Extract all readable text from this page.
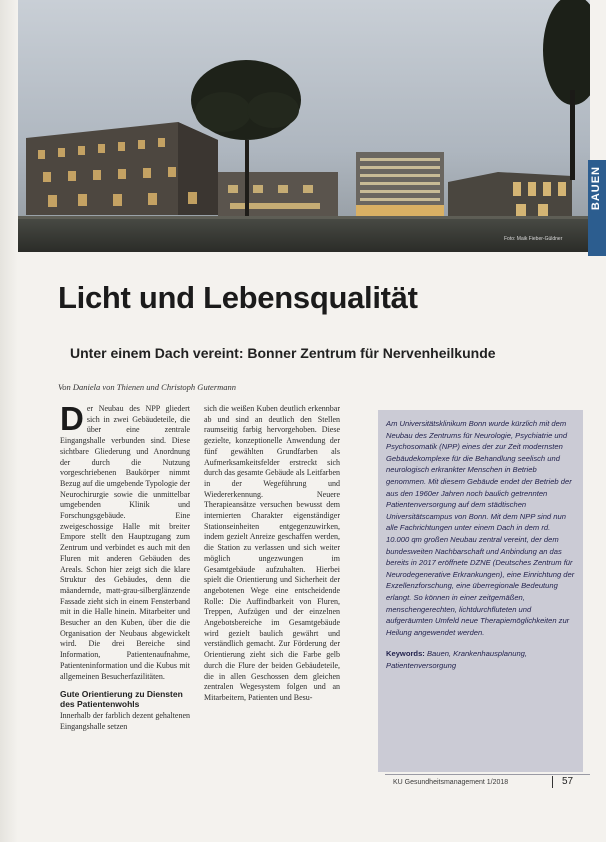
Foto: Maik Fieber-Güldner
BAUEN
Licht und Lebensqualität
Unter einem Dach vereint: Bonner Zentrum für Nervenheilkunde

Von Daniela von Thienen und Christoph Gutermann

Der Neubau des NPP gliedert sich in zwei Gebäudeteile, die über eine zentrale Eingangshalle verbunden sind. Diese sichtbare Gliederung und Anordnung der durch die Nutzung vorgeschriebenen Baukörper nimmt Bezug auf die umgebende Typologie der Neurochirurgie sowie die unmittelbar umgebenden Klinik und Forschungsgebäude. Eine zweigeschossige Halle mit breiter Empore stellt den Hauptzugang zum Zentrum und verbindet es auch mit den Fluren mit anderen Gebäuden des Areals. Schon hier zeigt sich die klare Struktur des Gebäudes, denn die mäandernde, matt-grau-silberglänzende Fassade zieht sich in einem Fensterband mit in die Halle hinein. Mitarbeiter und Besucher an den Kuben, über die die Organisation der Neubaus abgewickelt wird. Die drei Bereiche sind Information, Patientenaufnahme, Patienteninformation und die Kubus mit allgemeinen Besucherfazilitäten.

Gute Orientierung zu Diensten des Patientenwohls

Innerhalb der farblich dezent gehaltenen Eingangshalle setzen

sich die weißen Kuben deutlich erkennbar ab und sind an deutlich den Stellen raumseitig farbig hervorgehoben. Diese gezielte, konzeptionelle Anwendung der fünf gewählten Grundfarben als Aufmerksamkeitsfelder erstreckt sich durch das gesamte Gebäude als Leitfarben in der Wegeführung und Wiedererkennung. Neuere Therapieansätze versuchen bewusst dem internierten Charakter eigenständiger Stationseinheiten entgegenzuwirken, indem gezielt Anreize geschaffen werden, die Station zu verlassen und sich weiter möglich ungezwungen im Gesamtgebäude aufzuhalten. Hierbei spielt die Orientierung und Sicherheit der angebotenen Wege eine entscheidende Rolle: Die Auffindbarkeit von Fluren, Treppen, Aufzügen und der einzelnen Angebotsbereiche im Gesamtgebäude wird gezielt baulich gewährt und verständlich gemacht. Zur Förderung der Orientierung zieht sich die Farbe gelb durch die Flure der beiden Gebäudeteile, die in allen Geschossen dem gleichen zentralen Wegesystem folgen und an Mitarbeitern, Patienten und Besu-

Am Universitätsklinikum Bonn wurde kürzlich mit dem Neubau des Zentrums für Neurologie, Psychiatrie und Psychosomatik (NPP) eines der zur Zeit modernsten Gebäudekomplexe für die Behandlung seelisch und neurologisch erkrankter Menschen in Betrieb genommen. Mit diesem Gebäude endet der Betrieb der aus den 1960er Jahren noch baulich getrennten Patientenversorgung auf dem städtischen Universitätscampus von Bonn. Mit dem NPP sind nun alle Fachrichtungen unter einem Dach in dem rd. 10.000 qm großen Neubau zentral vereint, der dem bundesweiten Nachbarschaft und Anbindung an das bereits in 2017 eröffnete DZNE (Deutsches Zentrum für Neurodegenerative Erkrankungen), eine Einrichtung der Exzellenzforschung, eine überregionale Bedeutung erlangt. So können in einer zeitgemäßen, menschengerechten, lichtdurchfluteten und aufgeräumten Umfeld neue Therapiemöglichkeiten zur Heilung angewendet werden.

Keywords: Bauen, Krankenhausplanung, Patientenversorgung

KU Gesundheitsmanagement 1/2018	57
